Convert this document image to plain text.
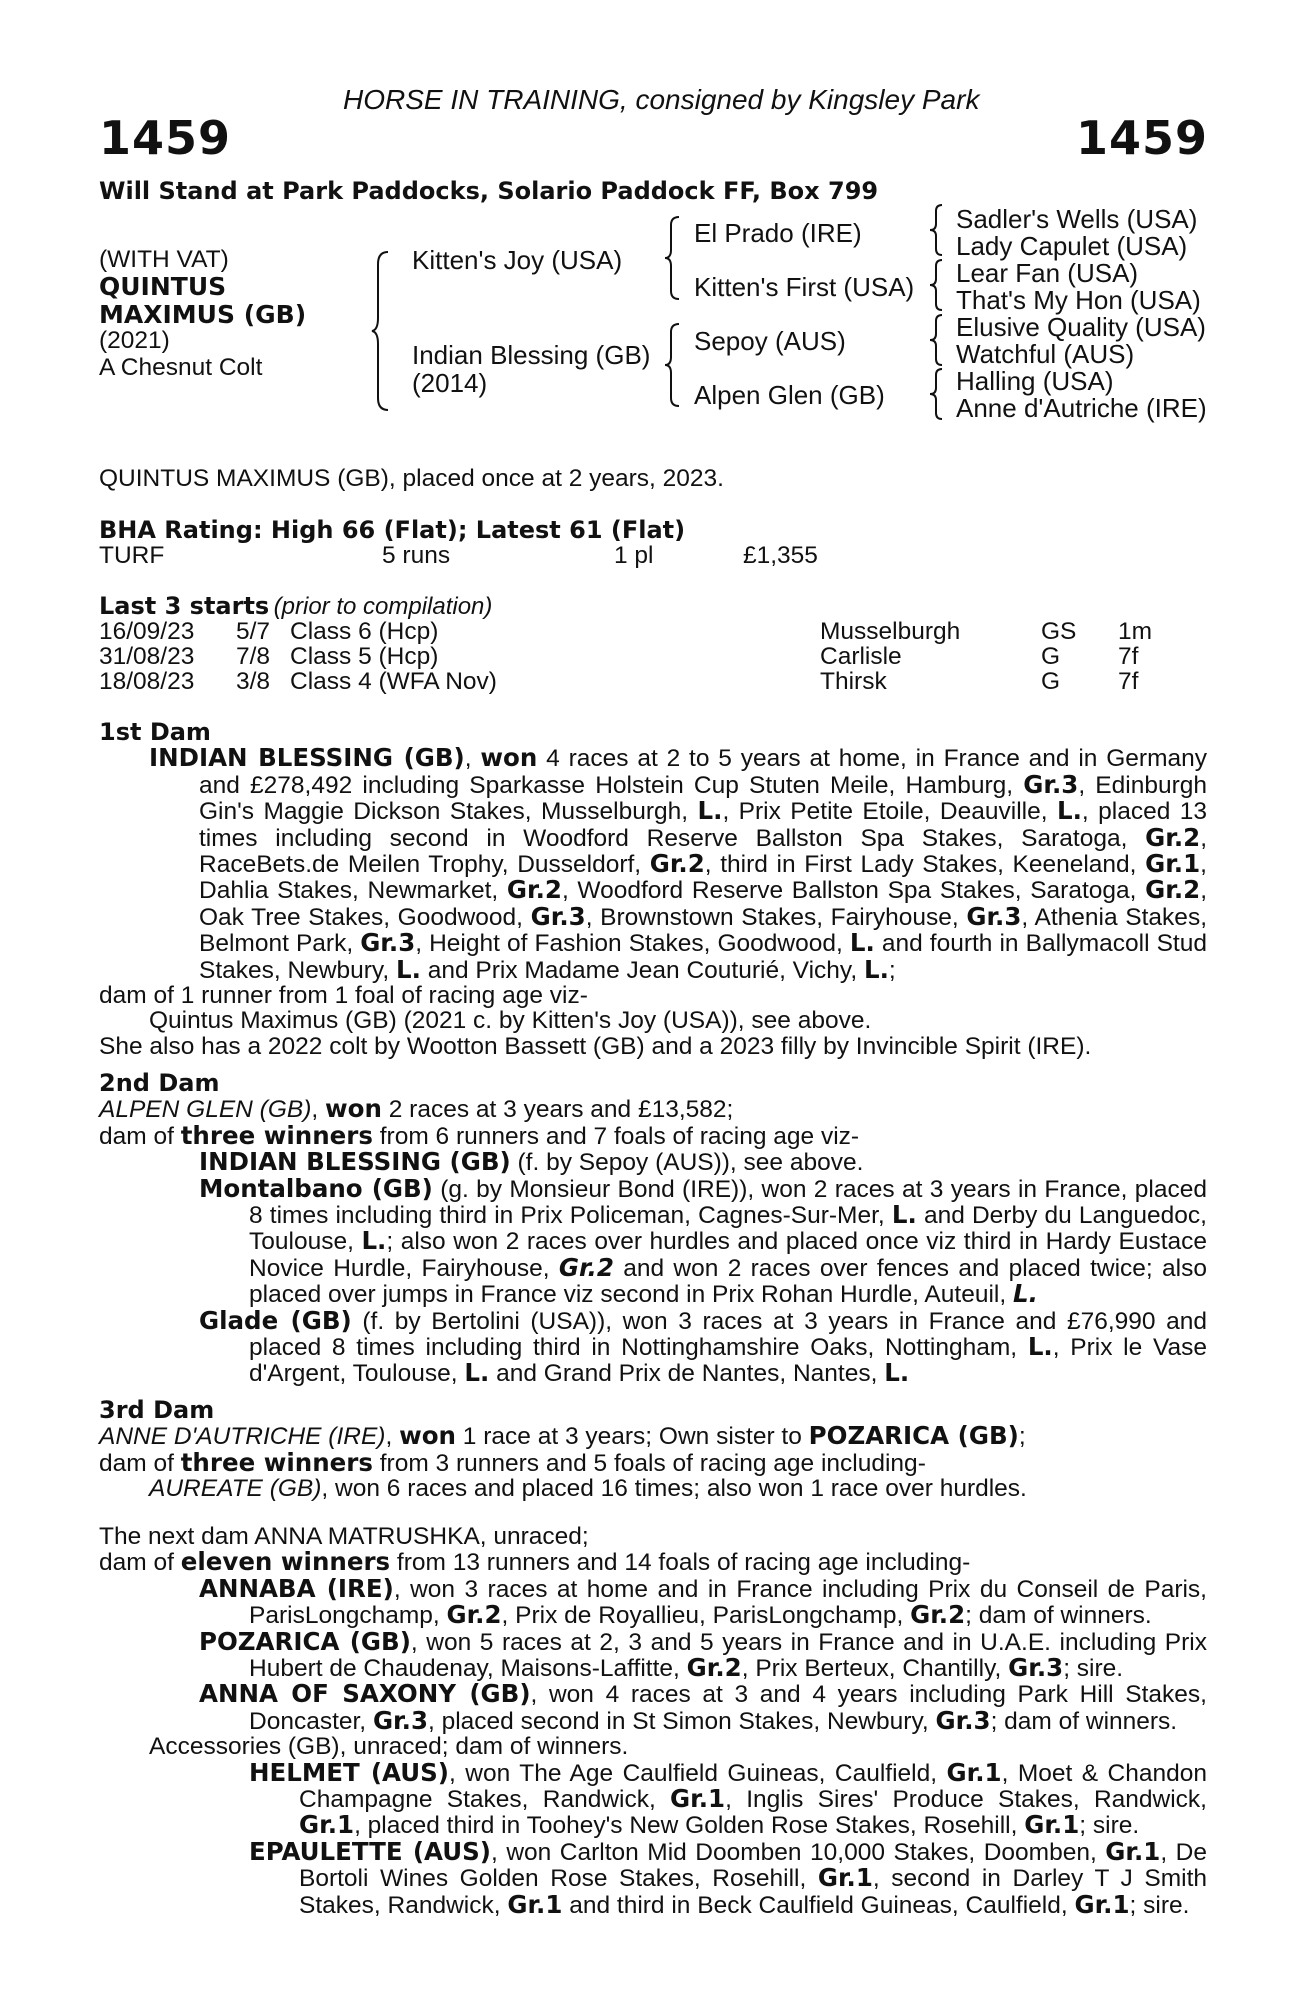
HORSE IN TRAINING, consigned by Kingsley Park
1459	1459
Will Stand at Park Paddocks, Solario Paddock FF, Box 799
(WITH VAT)
QUINTUS
MAXIMUS (GB)
(2021)
A Chesnut Colt
Kitten's Joy (USA)
Indian Blessing (GB)
(2014)
El Prado (IRE)
Kitten's First (USA)
Sepoy (AUS)
Alpen Glen (GB)
Sadler's Wells (USA)
Lady Capulet (USA)
Lear Fan (USA)
That's My Hon (USA)
Elusive Quality (USA)
Watchful (AUS)
Halling (USA)
Anne d'Autriche (IRE)
QUINTUS MAXIMUS (GB), placed once at 2 years, 2023.
BHA Rating: High 66 (Flat); Latest 61 (Flat)
TURF	5 runs	1 pl	£1,355
Last 3 starts (prior to compilation)
16/09/23 5/7 Class 6 (Hcp)	Musselburgh	GS 1m
31/08/23 7/8 Class 5 (Hcp)	Carlisle	G 7f
18/08/23 3/8 Class 4 (WFA Nov)	Thirsk	G 7f
1st Dam

INDIAN BLESSING (GB), won 4 races at 2 to 5 years at home, in France and in Germany and £278,492 including Sparkasse Holstein Cup Stuten Meile, Hamburg, Gr.3, Edinburgh Gin's Maggie Dickson Stakes, Musselburgh, L., Prix Petite Etoile, Deauville, L., placed 13 times including second in Woodford Reserve Ballston Spa Stakes, Saratoga, Gr.2, RaceBets.de Meilen Trophy, Dusseldorf, Gr.2, third in First Lady Stakes, Keeneland, Gr.1, Dahlia Stakes, Newmarket, Gr.2, Woodford Reserve Ballston Spa Stakes, Saratoga, Gr.2, Oak Tree Stakes, Goodwood, Gr.3, Brownstown Stakes, Fairyhouse, Gr.3, Athenia Stakes, Belmont Park, Gr.3, Height of Fashion Stakes, Goodwood, L. and fourth in Ballymacoll Stud Stakes, Newbury, L. and Prix Madame Jean Couturié, Vichy, L.;

dam of 1 runner from 1 foal of racing age viz-

Quintus Maximus (GB) (2021 c. by Kitten's Joy (USA)), see above.

She also has a 2022 colt by Wootton Bassett (GB) and a 2023 filly by Invincible Spirit (IRE).

2nd Dam

ALPEN GLEN (GB), won 2 races at 3 years and £13,582;

dam of three winners from 6 runners and 7 foals of racing age viz-

INDIAN BLESSING (GB) (f. by Sepoy (AUS)), see above.

Montalbano (GB) (g. by Monsieur Bond (IRE)), won 2 races at 3 years in France, placed 8 times including third in Prix Policeman, Cagnes-Sur-Mer, L. and Derby du Languedoc, Toulouse, L.; also won 2 races over hurdles and placed once viz third in Hardy Eustace Novice Hurdle, Fairyhouse, Gr.2 and won 2 races over fences and placed twice; also placed over jumps in France viz second in Prix Rohan Hurdle, Auteuil, L.

Glade (GB) (f. by Bertolini (USA)), won 3 races at 3 years in France and £76,990 and placed 8 times including third in Nottinghamshire Oaks, Nottingham, L., Prix le Vase d'Argent, Toulouse, L. and Grand Prix de Nantes, Nantes, L.

3rd Dam

ANNE D'AUTRICHE (IRE), won 1 race at 3 years; Own sister to POZARICA (GB);

dam of three winners from 3 runners and 5 foals of racing age including-

AUREATE (GB), won 6 races and placed 16 times; also won 1 race over hurdles.

The next dam ANNA MATRUSHKA, unraced;

dam of eleven winners from 13 runners and 14 foals of racing age including-

ANNABA (IRE), won 3 races at home and in France including Prix du Conseil de Paris, ParisLongchamp, Gr.2, Prix de Royallieu, ParisLongchamp, Gr.2; dam of winners.

POZARICA (GB), won 5 races at 2, 3 and 5 years in France and in U.A.E. including Prix Hubert de Chaudenay, Maisons-Laffitte, Gr.2, Prix Berteux, Chantilly, Gr.3; sire.

ANNA OF SAXONY (GB), won 4 races at 3 and 4 years including Park Hill Stakes, Doncaster, Gr.3, placed second in St Simon Stakes, Newbury, Gr.3; dam of winners.

Accessories (GB), unraced; dam of winners.

HELMET (AUS), won The Age Caulfield Guineas, Caulfield, Gr.1, Moet & Chandon Champagne Stakes, Randwick, Gr.1, Inglis Sires' Produce Stakes, Randwick, Gr.1, placed third in Toohey's New Golden Rose Stakes, Rosehill, Gr.1; sire.

EPAULETTE (AUS), won Carlton Mid Doomben 10,000 Stakes, Doomben, Gr.1, De Bortoli Wines Golden Rose Stakes, Rosehill, Gr.1, second in Darley T J Smith Stakes, Randwick, Gr.1 and third in Beck Caulfield Guineas, Caulfield, Gr.1; sire.
